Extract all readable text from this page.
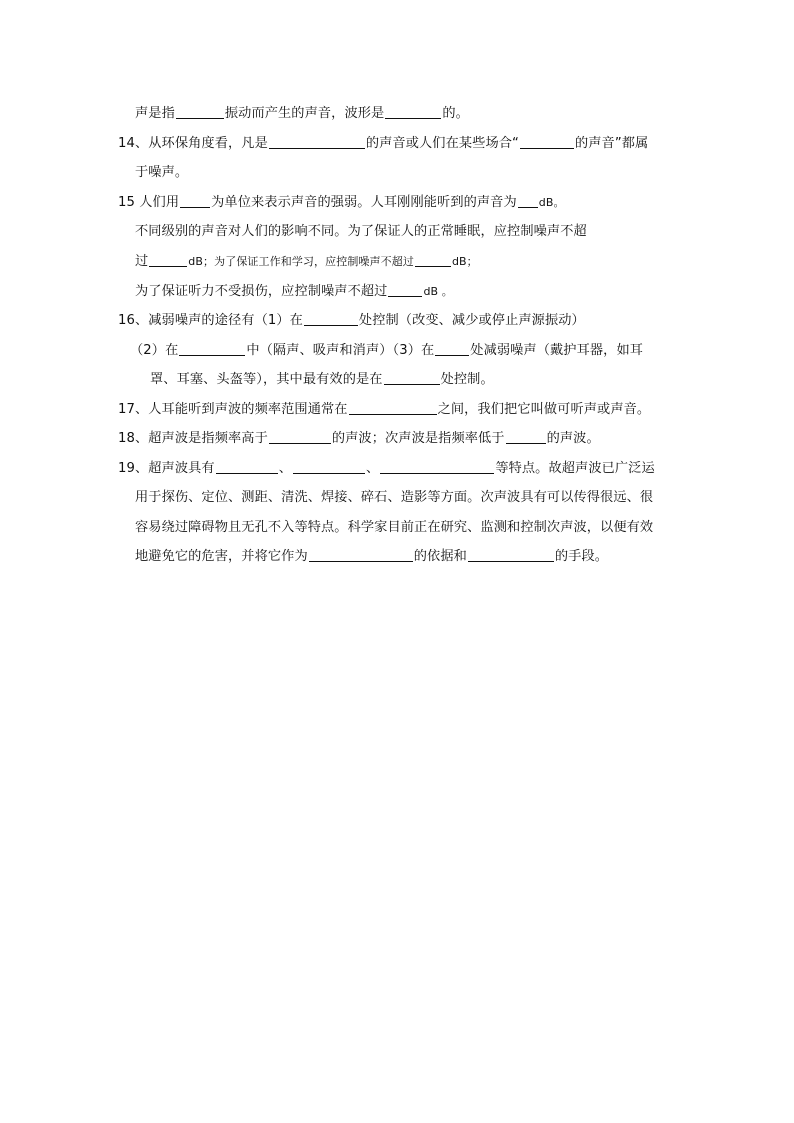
声是指	振动而产生的声音，波形是	的。
14、从环保角度看，凡是	的声音或人们在某些场合“	的声音”都属
于噪声。
15 人们用 为单位来表示声音的强弱。人耳刚刚能听到的声音为 dB。
不同级别的声音对人们的影响不同。为了保证人的正常睡眠，应控制噪声不超
过	dB；为了保证工作和学习，应控制噪声不超过	dB；
为了保证听力不受损伤，应控制噪声不超过	dB 。
16、减弱噪声的途径有（1）在	处控制（改变、减少或停止声源振动）
（2）在	中（隔声、吸声和消声）（3）在	处减弱噪声（戴护耳器，如耳
罩、耳塞、头盔等），其中最有效的是在	处控制。
17、人耳能听到声波的频率范围通常在	之间，我们把它叫做可听声或声音。
18、超声波是指频率高于	的声波；次声波是指频率低于	的声波。
19、超声波具有	、	、	等特点。故超声波已广泛运
用于探伤、定位、测距、清洗、焊接、碎石、造影等方面。次声波具有可以传得很远、很
容易绕过障碍物且无孔不入等特点。科学家目前正在研究、监测和控制次声波，以便有效
地避免它的危害，并将它作为	的依据和	的手段。
